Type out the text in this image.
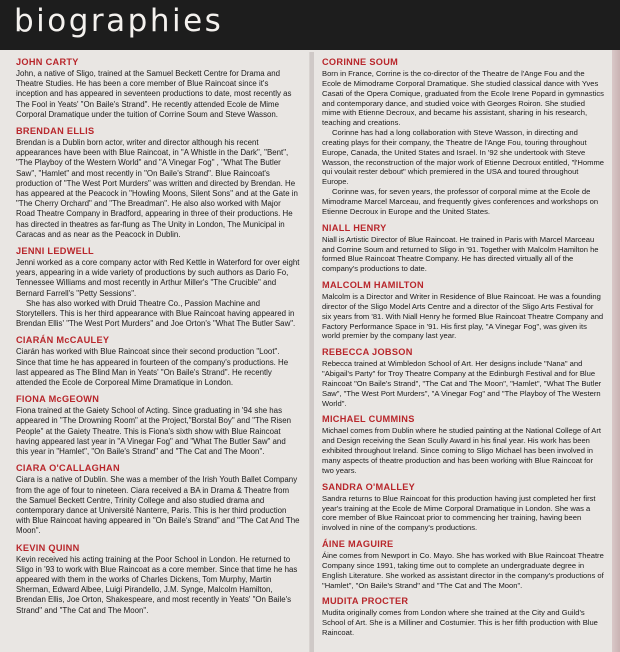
biographies
JOHN CARTY

John, a native of Sligo, trained at the Samuel Beckett Centre for Drama and Theatre Studies. He has been a core member of Blue Raincoat since it's inception and has appeared in seventeen productions to date, most recently as The Fool in Yeats' "On Baile's Strand". He recently attended Ecole de Mime Corporal Dramatique under the tuition of Corrine Soum and Steve Wasson.

BRENDAN ELLIS

Brendan is a Dublin born actor, writer and director although his recent appearances have been with Blue Raincoat, in "A Whistle in the Dark", "Bent", "The Playboy of the Western World" and "A Vinegar Fog" , "What The Butler Saw", "Hamlet" and most recently in "On Baile's Strand". Blue Raincoat's production of "The West Port Murders" was written and directed by Brendan. He has appeared at the Peacock in "Howling Moons, Silent Sons" and at the Gate in "The Cherry Orchard" and "The Breadman". He also also worked with Major Road Theatre Company in Bradford, appearing in three of their productions. He has directed in theatres as far-flung as The Unity in London, The Municipal in Caracas and as near as the Peacock in Dublin.

JENNI LEDWELL

Jenni worked as a core company actor with Red Kettle in Waterford for over eight years, appearing in a wide variety of productions by such authors as Dario Fo, Tennessee Williams and most recently in Arthur Miller's "The Crucible" and Bernard Farrell's "Petty Sessions".

She has also worked with Druid Theatre Co., Passion Machine and Storytellers. This is her third appearance with Blue Raincoat having appeared in Brendan Ellis' "The West Port Murders" and Joe Orton's "What The Butler Saw".

CIARÁN McCAULEY

Ciarán has worked with Blue Raincoat since their second production "Loot". Since that time he has appeared in fourteen of the company's productions. He last appeared as The Blind Man in Yeats' "On Baile's Strand". He recently attended the Ecole de Corporeal Mime Dramatique in London.

FIONA McGEOWN

Fiona trained at the Gaiety School of Acting. Since graduating in '94 she has appeared in "The Drowning Room" at the Project,"Borstal Boy" and "The Risen People" at the Gaiety Theatre. This is Fiona's sixth show with Blue Raincoat having appeared last year in "A Vinegar Fog" and "What The Butler Saw" and this year in "Hamlet", "On Baile's Strand" and "The Cat and The Moon".

CIARA O'CALLAGHAN

Ciara is a native of Dublin. She was a member of the Irish Youth Ballet Company from the age of four to nineteen. Ciara received a BA in Drama & Theatre from the Samuel Beckett Centre, Trinity College and also studied drama and contemporary dance at Université Nanterre, Paris. This is her third production with Blue Raincoat having appeared in "On Baile's Strand" and "The Cat And The Moon".

KEVIN QUINN

Kevin received his acting training at the Poor School in London. He returned to Sligo in '93 to work with Blue Raincoat as a core member. Since that time he has appeared with them in the works of Charles Dickens, Tom Murphy, Martin Sherman, Edward Albee, Luigi Pirandello, J.M. Synge, Malcolm Hamilton, Brendan Ellis, Joe Orton, Shakespeare, and most recently in Yeats' "On Baile's Strand" and "The Cat and The Moon".

CORINNE SOUM

Born in France, Corrine is the co-director of the Theatre de l'Ange Fou and the Ecole de Mimodrame Corporal Dramatique. She studied classical dance with Yves Casati of the Opera Comique, graduated from the Ecole Irene Popard in gymnastics and contemporary dance, and studied voice with Georges Roiron. She studied mime with Etienne Decroux, and became his assistant, sharing in his research, teaching and creations.

Corinne has had a long collaboration with Steve Wasson, in directing and creating plays for their company, the Theatre de l'Ange Fou, touring throughout Europe, Canada, the United States and Israel. In '92 she undertook with Steve Wasson, the reconstruction of the major work of Etienne Decroux entitled, "l'Homme qui voulait rester debout" which premiered in the USA and toured throughout Europe.

Corinne was, for seven years, the professor of corporal mime at the Ecole de Mimodrame Marcel Marceau, and frequently gives conferences and workshops on Etienne Decroux in Europe and the United States.

NIALL HENRY

Niall is Artistic Director of Blue Raincoat. He trained in Paris with Marcel Marceau and Corrine Soum and returned to Sligo in '91. Together with Malcolm Hamilton he formed Blue Raincoat Theatre Company. He has directed virtually all of the company's productions to date.

MALCOLM HAMILTON

Malcolm is a Director and Writer in Residence of Blue Raincoat. He was a founding director of the Sligo Model Arts Centre and a director of the Sligo Arts Festival for six years from '81. With Niall Henry he formed Blue Raincoat Theatre Company and Factory Performance Space in '91. His first play, "A Vinegar Fog", was given its world premier by the company last year.

REBECCA JOBSON

Rebecca trained at Wimbledon School of Art. Her designs include "Nana" and "Abigail's Party" for Troy Theatre Company at the Edinburgh Festival and for Blue Raincoat "On Baile's Strand", "The Cat and The Moon", "Hamlet", "What The Butler Saw", "The West Port Murders", "A Vinegar Fog" and "The Playboy of The Western World".

MICHAEL CUMMINS

Michael comes from Dublin where he studied painting at the National College of Art and Design receiving the Sean Scully Award in his final year. His work has been exhibited throughout Ireland. Since coming to Sligo Michael has been involved in many aspects of theatre production and has been working with Blue Raincoat for two years.

SANDRA O'MALLEY

Sandra returns to Blue Raincoat for this production having just completed her first year's training at the Ecole de Mime Corporal Dramatique in London. She was a core member of Blue Raincoat prior to commencing her training, having been involved in nine of the company's productions.

ÁINE MAGUIRE

Áine comes from Newport in Co. Mayo. She has worked with Blue Raincoat Theatre Company since 1991, taking time out to complete an undergraduate degree in English Literature. She worked as assistant director in the company's productions of "Hamlet", "On Baile's Strand" and "The Cat and The Moon".

MUDITA PROCTER

Mudita originally comes from London where she trained at the City and Guild's School of Art. She is a Milliner and Costumier. This is her fifth production with Blue Raincoat.
